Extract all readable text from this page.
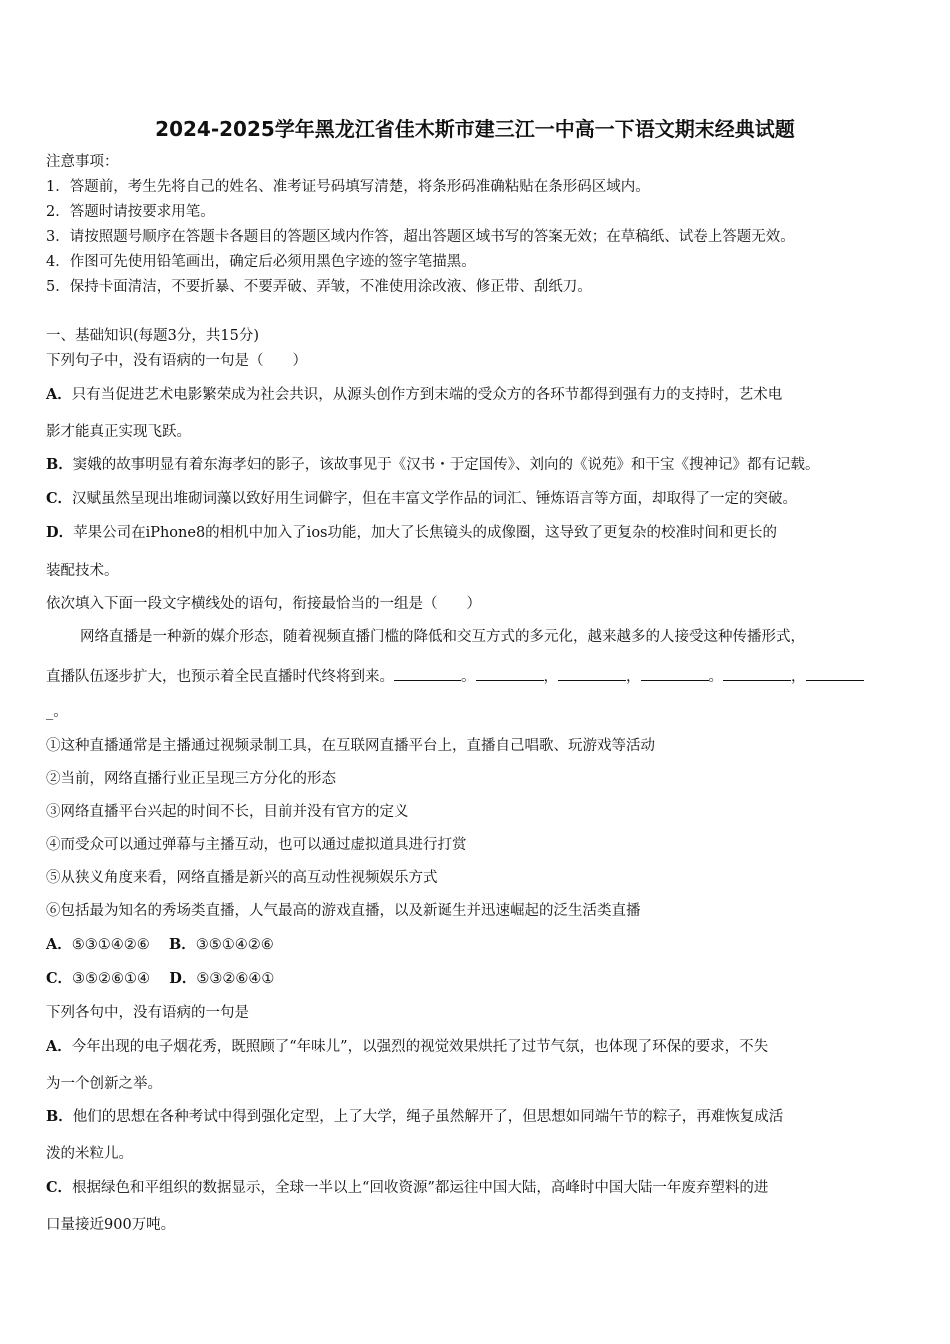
2024-2025学年黑龙江省佳木斯市建三江一中高一下语文期末经典试题
注意事项：
1．答题前，考生先将自己的姓名、准考证号码填写清楚，将条形码准确粘贴在条形码区域内。
2．答题时请按要求用笔。
3．请按照题号顺序在答题卡各题目的答题区域内作答，超出答题区域书写的答案无效；在草稿纸、试卷上答题无效。
4．作图可先使用铅笔画出，确定后必须用黑色字迹的签字笔描黑。
5．保持卡面清洁，不要折暴、不要弄破、弄皱，不准使用涂改液、修正带、刮纸刀。
一、基础知识(每题3分，共15分)
下列句子中，没有语病的一句是（　　）
A．只有当促进艺术电影繁荣成为社会共识，从源头创作方到末端的受众方的各环节都得到强有力的支持时，艺术电
影才能真正实现飞跃。
B．窦娥的故事明显有着东海孝妇的影子，该故事见于《汉书・于定国传》、刘向的《说苑》和干宝《搜神记》都有记载。
C．汉赋虽然呈现出堆砌词藻以致好用生词僻字，但在丰富文学作品的词汇、锤炼语言等方面，却取得了一定的突破。
D．苹果公司在iPhone8的相机中加入了ios功能，加大了长焦镜头的成像圈，这导致了更复杂的校准时间和更长的
装配技术。
依次填入下面一段文字横线处的语句，衔接最恰当的一组是（　　）
网络直播是一种新的媒介形态，随着视频直播门槛的降低和交互方式的多元化，越来越多的人接受这种传播形式，
直播队伍逐步扩大，也预示着全民直播时代终将到来。	。	，	，	。	，
_。
①这种直播通常是主播通过视频录制工具，在互联网直播平台上，直播自己唱歌、玩游戏等活动
②当前，网络直播行业正呈现三方分化的形态
③网络直播平台兴起的时间不长，目前并没有官方的定义
④而受众可以通过弹幕与主播互动，也可以通过虚拟道具进行打赏
⑤从狭义角度来看，网络直播是新兴的高互动性视频娱乐方式
⑥包括最为知名的秀场类直播，人气最高的游戏直播，以及新诞生并迅速崛起的泛生活类直播
A．⑤③①④②⑥ B．③⑤①④②⑥
C．③⑤②⑥①④ D．⑤③②⑥④①
下列各句中，没有语病的一句是
A．今年出现的电子烟花秀，既照顾了“年味儿”，以强烈的视觉效果烘托了过节气氛，也体现了环保的要求，不失
为一个创新之举。
B．他们的思想在各种考试中得到强化定型，上了大学，绳子虽然解开了，但思想如同端午节的粽子，再难恢复成活
泼的米粒儿。
C．根据绿色和平组织的数据显示，全球一半以上“回收资源”都运往中国大陆，高峰时中国大陆一年废弃塑料的进
口量接近900万吨。
